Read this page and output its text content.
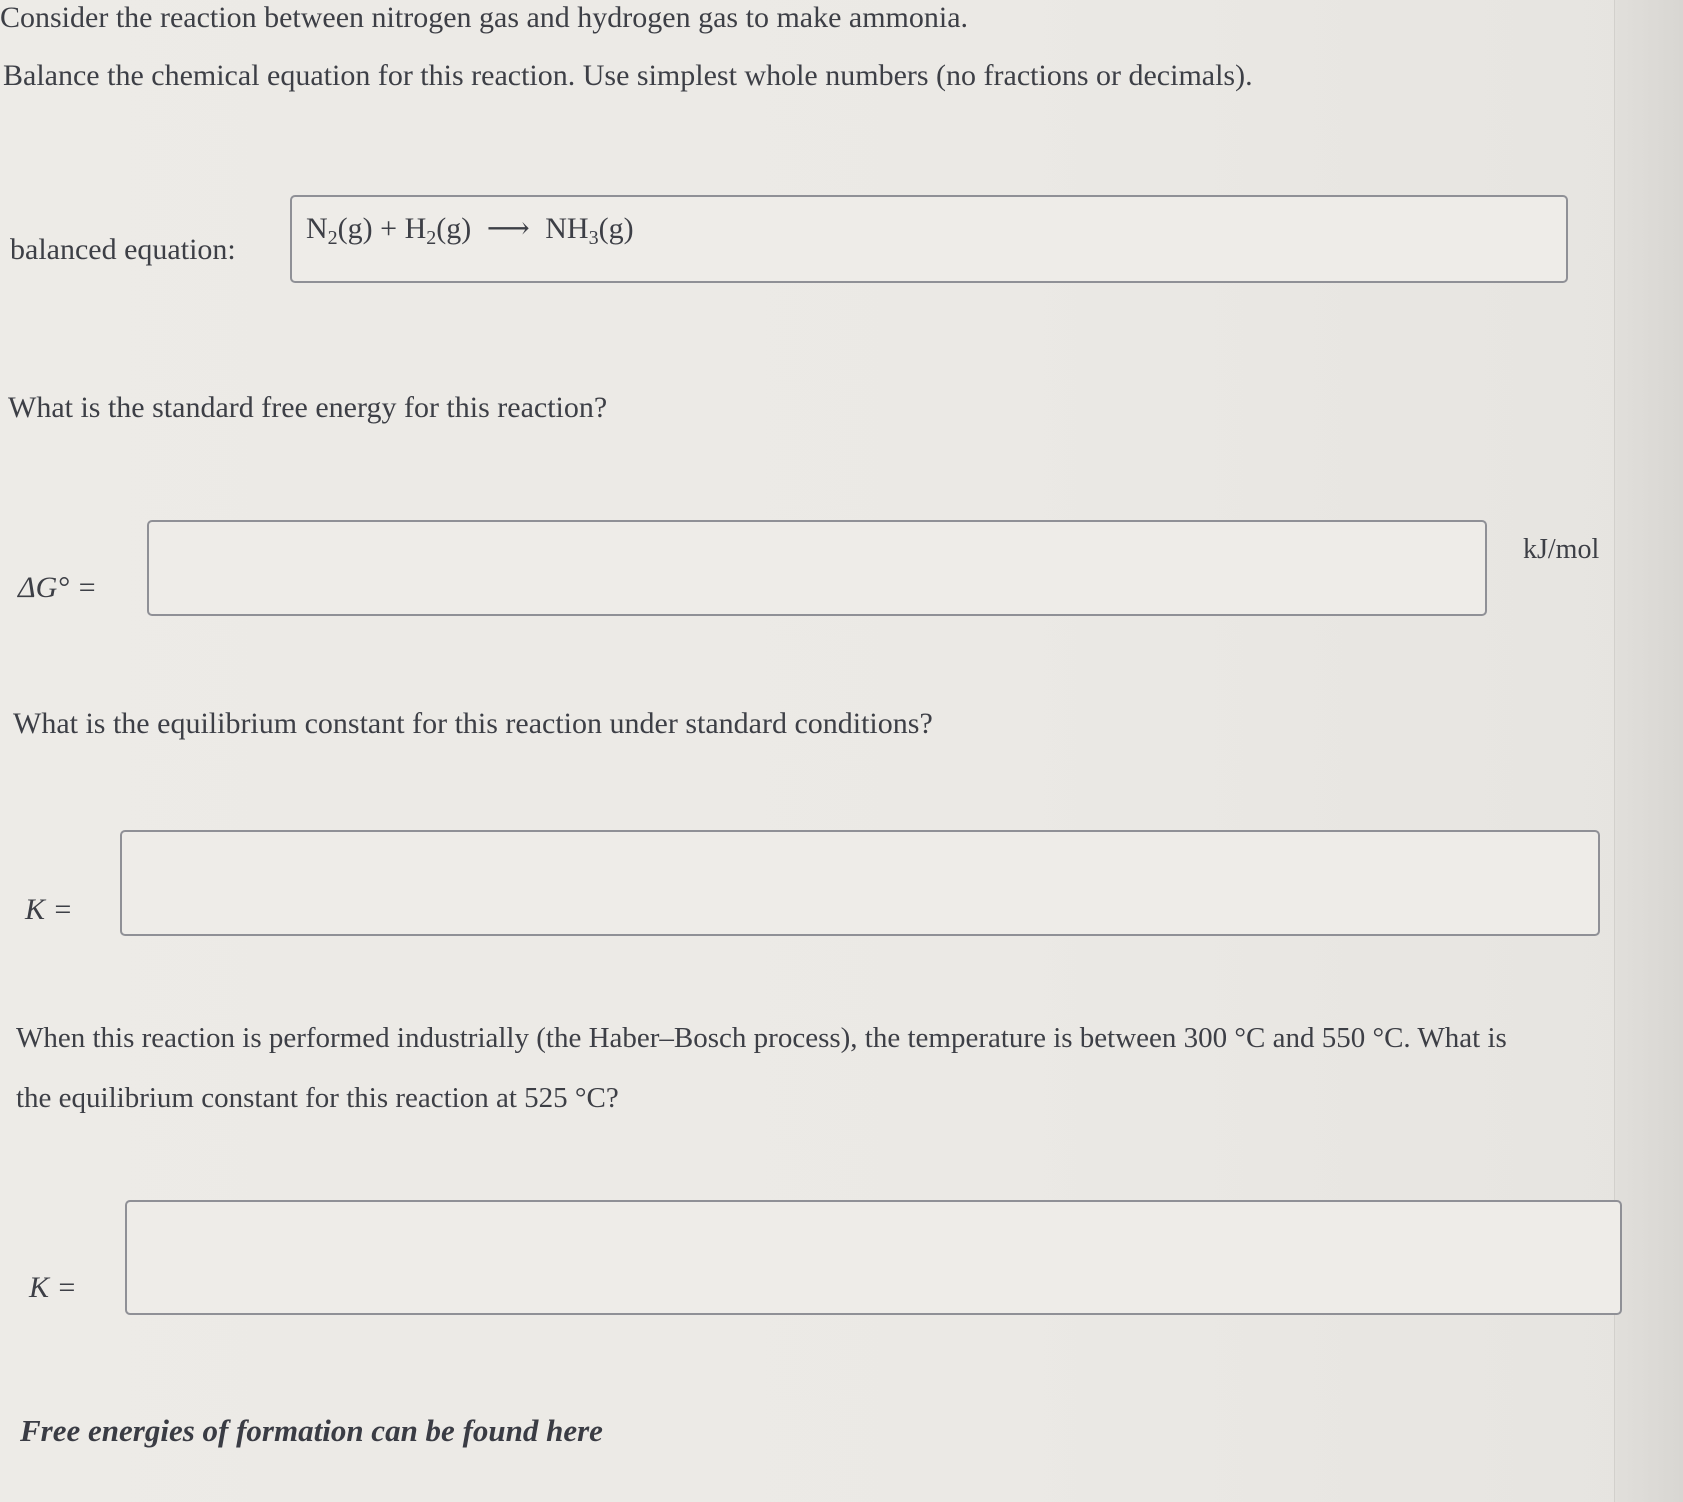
Consider the reaction between nitrogen gas and hydrogen gas to make ammonia.
Balance the chemical equation for this reaction. Use simplest whole numbers (no fractions or decimals).
balanced equation:
$N_2(g) + H_2(g)$ ⟶ $NH_3(g)$
What is the standard free energy for this reaction?
ΔG° =
kJ/mol
What is the equilibrium constant for this reaction under standard conditions?
K =
When this reaction is performed industrially (the Haber–Bosch process), the temperature is between 300 °C and 550 °C. What is
the equilibrium constant for this reaction at 525 °C?
K =
Free energies of formation can be found here
